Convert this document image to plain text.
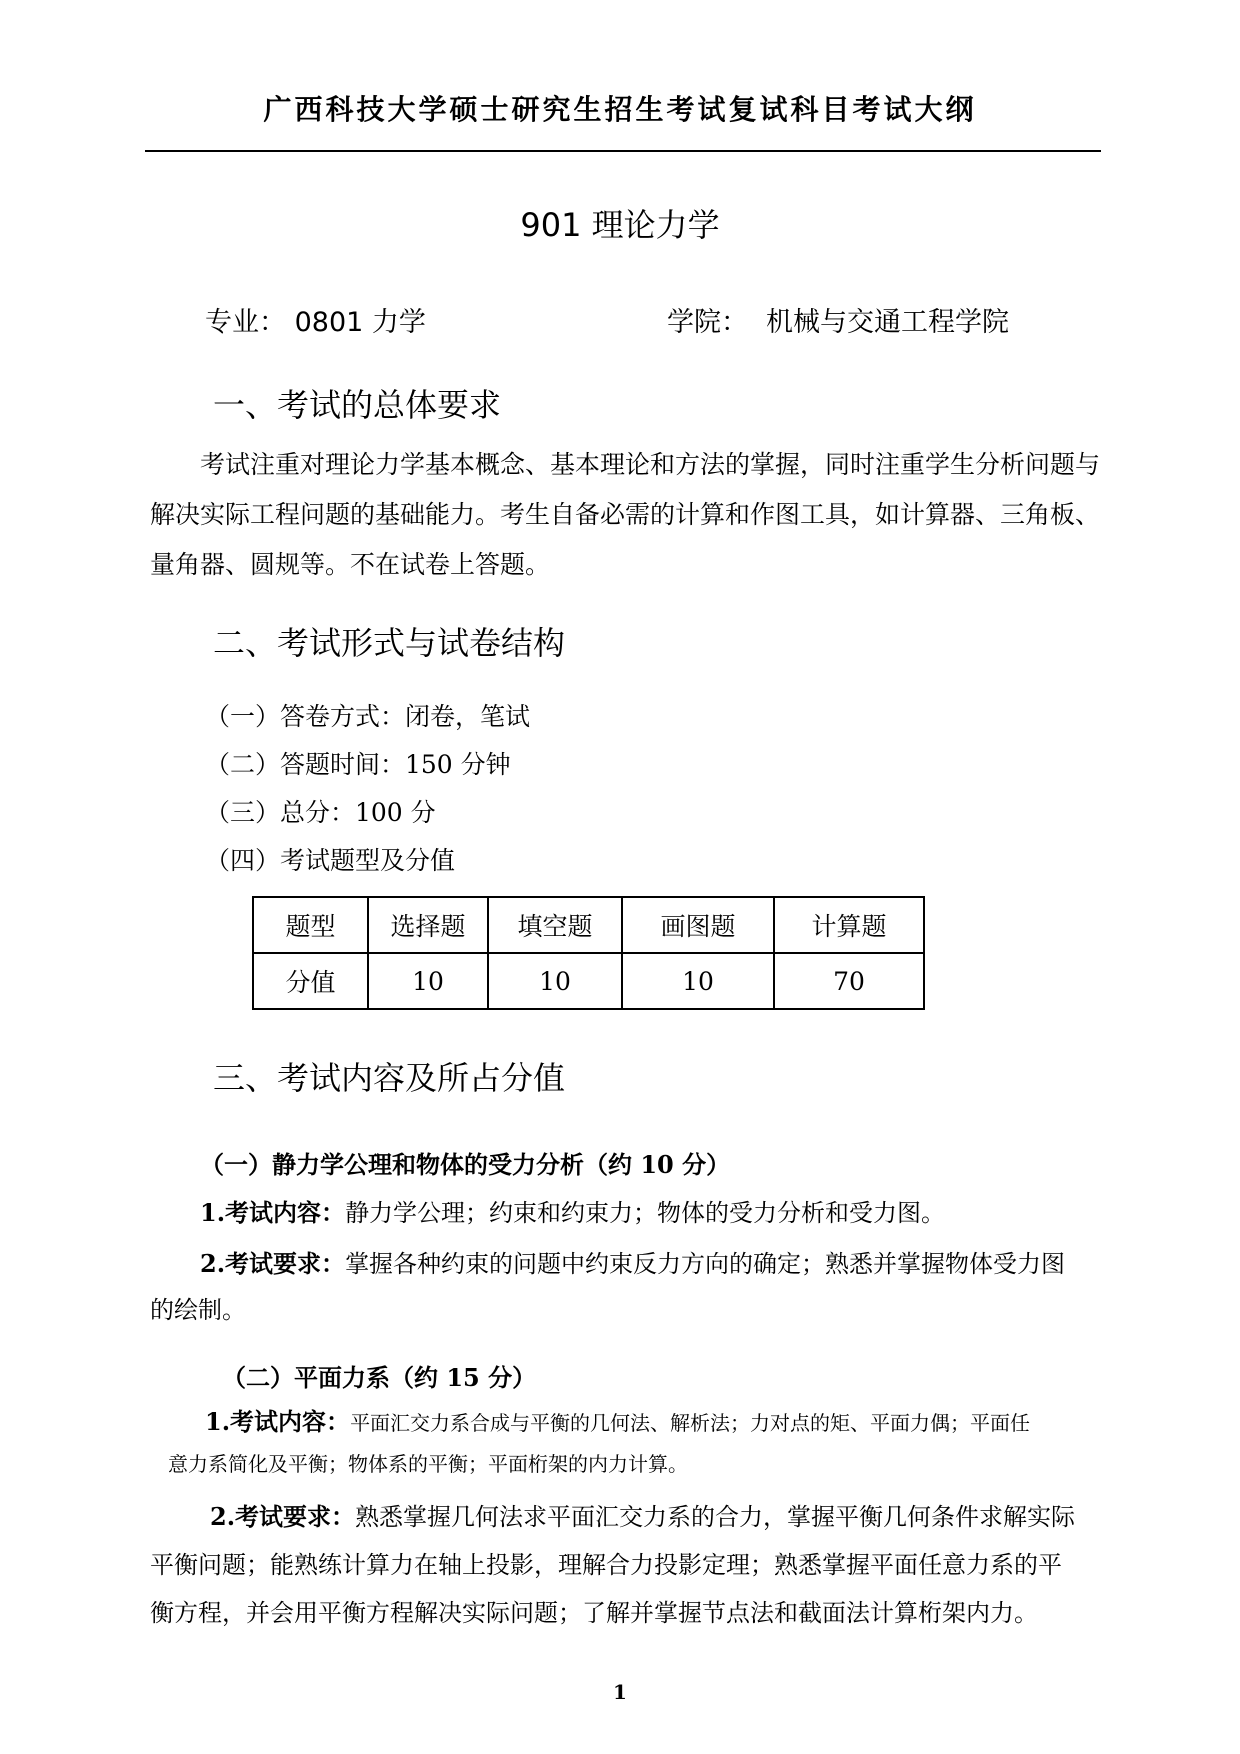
广西科技大学硕士研究生招生考试复试科目考试大纲
901 理论力学
专业： 0801 力学	学院： 机械与交通工程学院
一、考试的总体要求
考试注重对理论力学基本概念、基本理论和方法的掌握，同时注重学生分析问题与
解决实际工程问题的基础能力。考生自备必需的计算和作图工具，如计算器、三角板、
量角器、圆规等。不在试卷上答题。
二、考试形式与试卷结构
（一）答卷方式：闭卷，笔试
（二）答题时间：150 分钟
（三）总分：100 分
（四）考试题型及分值
题型	选择题	填空题	画图题	计算题
分值	10	10	10	70
三、考试内容及所占分值
（一）静力学公理和物体的受力分析（约 10 分）
1.考试内容：静力学公理；约束和约束力；物体的受力分析和受力图。
2.考试要求：掌握各种约束的问题中约束反力方向的确定；熟悉并掌握物体受力图
的绘制。
（二）平面力系（约 15 分）
1.考试内容：平面汇交力系合成与平衡的几何法、解析法；力对点的矩、平面力偶；平面任
意力系简化及平衡；物体系的平衡；平面桁架的内力计算。
2.考试要求：熟悉掌握几何法求平面汇交力系的合力，掌握平衡几何条件求解实际
平衡问题；能熟练计算力在轴上投影，理解合力投影定理；熟悉掌握平面任意力系的平
衡方程，并会用平衡方程解决实际问题；了解并掌握节点法和截面法计算桁架内力。
1
